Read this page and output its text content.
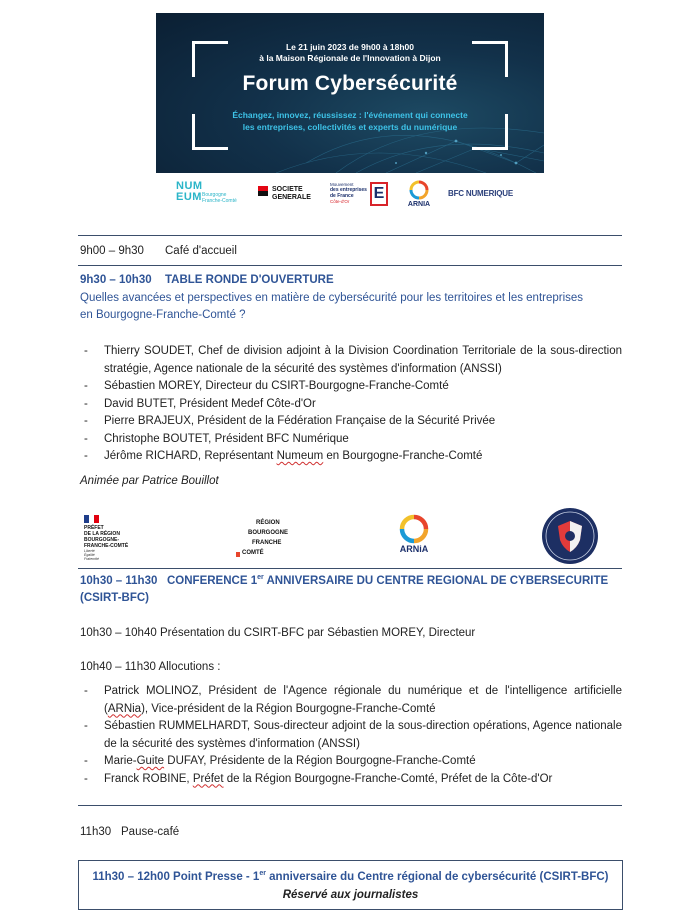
Le 21 juin 2023 de 9h00 à 18h00
à la Maison Régionale de l'Innovation à Dijon
Forum Cybersécurité
Échangez, innovez, réussissez : l'événement qui connecte
les entreprises, collectivités et experts du numérique
NUM
EUM Bourgogne
Franche-Comté
SOCIETE
GENERALE
Mouvement
des entreprises
de France
Côte-d'Or E
ARNIA
BFC NUMERIQUE
9h00 – 9h30 Café d'accueil
9h30 – 10h30 TABLE RONDE D'OUVERTURE
Quelles avancées et perspectives en matière de cybersécurité pour les territoires et les entreprises
en Bourgogne-Franche-Comté ?
- Thierry SOUDET, Chef de division adjoint à la Division Coordination Territoriale de la sous-direction stratégie, Agence nationale de la sécurité des systèmes d'information (ANSSI)
- Sébastien MOREY, Directeur du CSIRT-Bourgogne-Franche-Comté
- David BUTET, Président Medef Côte-d'Or
- Pierre BRAJEUX, Président de la Fédération Française de la Sécurité Privée
- Christophe BOUTET, Président BFC Numérique
- Jérôme RICHARD, Représentant Numeum en Bourgogne-Franche-Comté
Animée par Patrice Bouillot
PRÉFET
DE LA RÉGION
BOURGOGNE-
FRANCHE-COMTÉ
Liberté
Égalité
Fraternité
RÉGION
BOURGOGNE
FRANCHE
COMTÉ	ARNiA
10h30 – 11h30 CONFERENCE 1er ANNIVERSAIRE DU CENTRE REGIONAL DE CYBERSECURITE
(CSIRT-BFC)
10h30 – 10h40 Présentation du CSIRT-BFC par Sébastien MOREY, Directeur
10h40 – 11h30 Allocutions :
- Patrick MOLINOZ, Président de l'Agence régionale du numérique et de l'intelligence artificielle (ARNia), Vice-président de la Région Bourgogne-Franche-Comté
- Sébastien RUMMELHARDT, Sous-directeur adjoint de la sous-direction opérations, Agence nationale de la sécurité des systèmes d'information (ANSSI)
- Marie-Guite DUFAY, Présidente de la Région Bourgogne-Franche-Comté
- Franck ROBINE, Préfet de la Région Bourgogne-Franche-Comté, Préfet de la Côte-d'Or
11h30 Pause-café
11h30 – 12h00 Point Presse - 1er anniversaire du Centre régional de cybersécurité (CSIRT-BFC)
Réservé aux journalistes
